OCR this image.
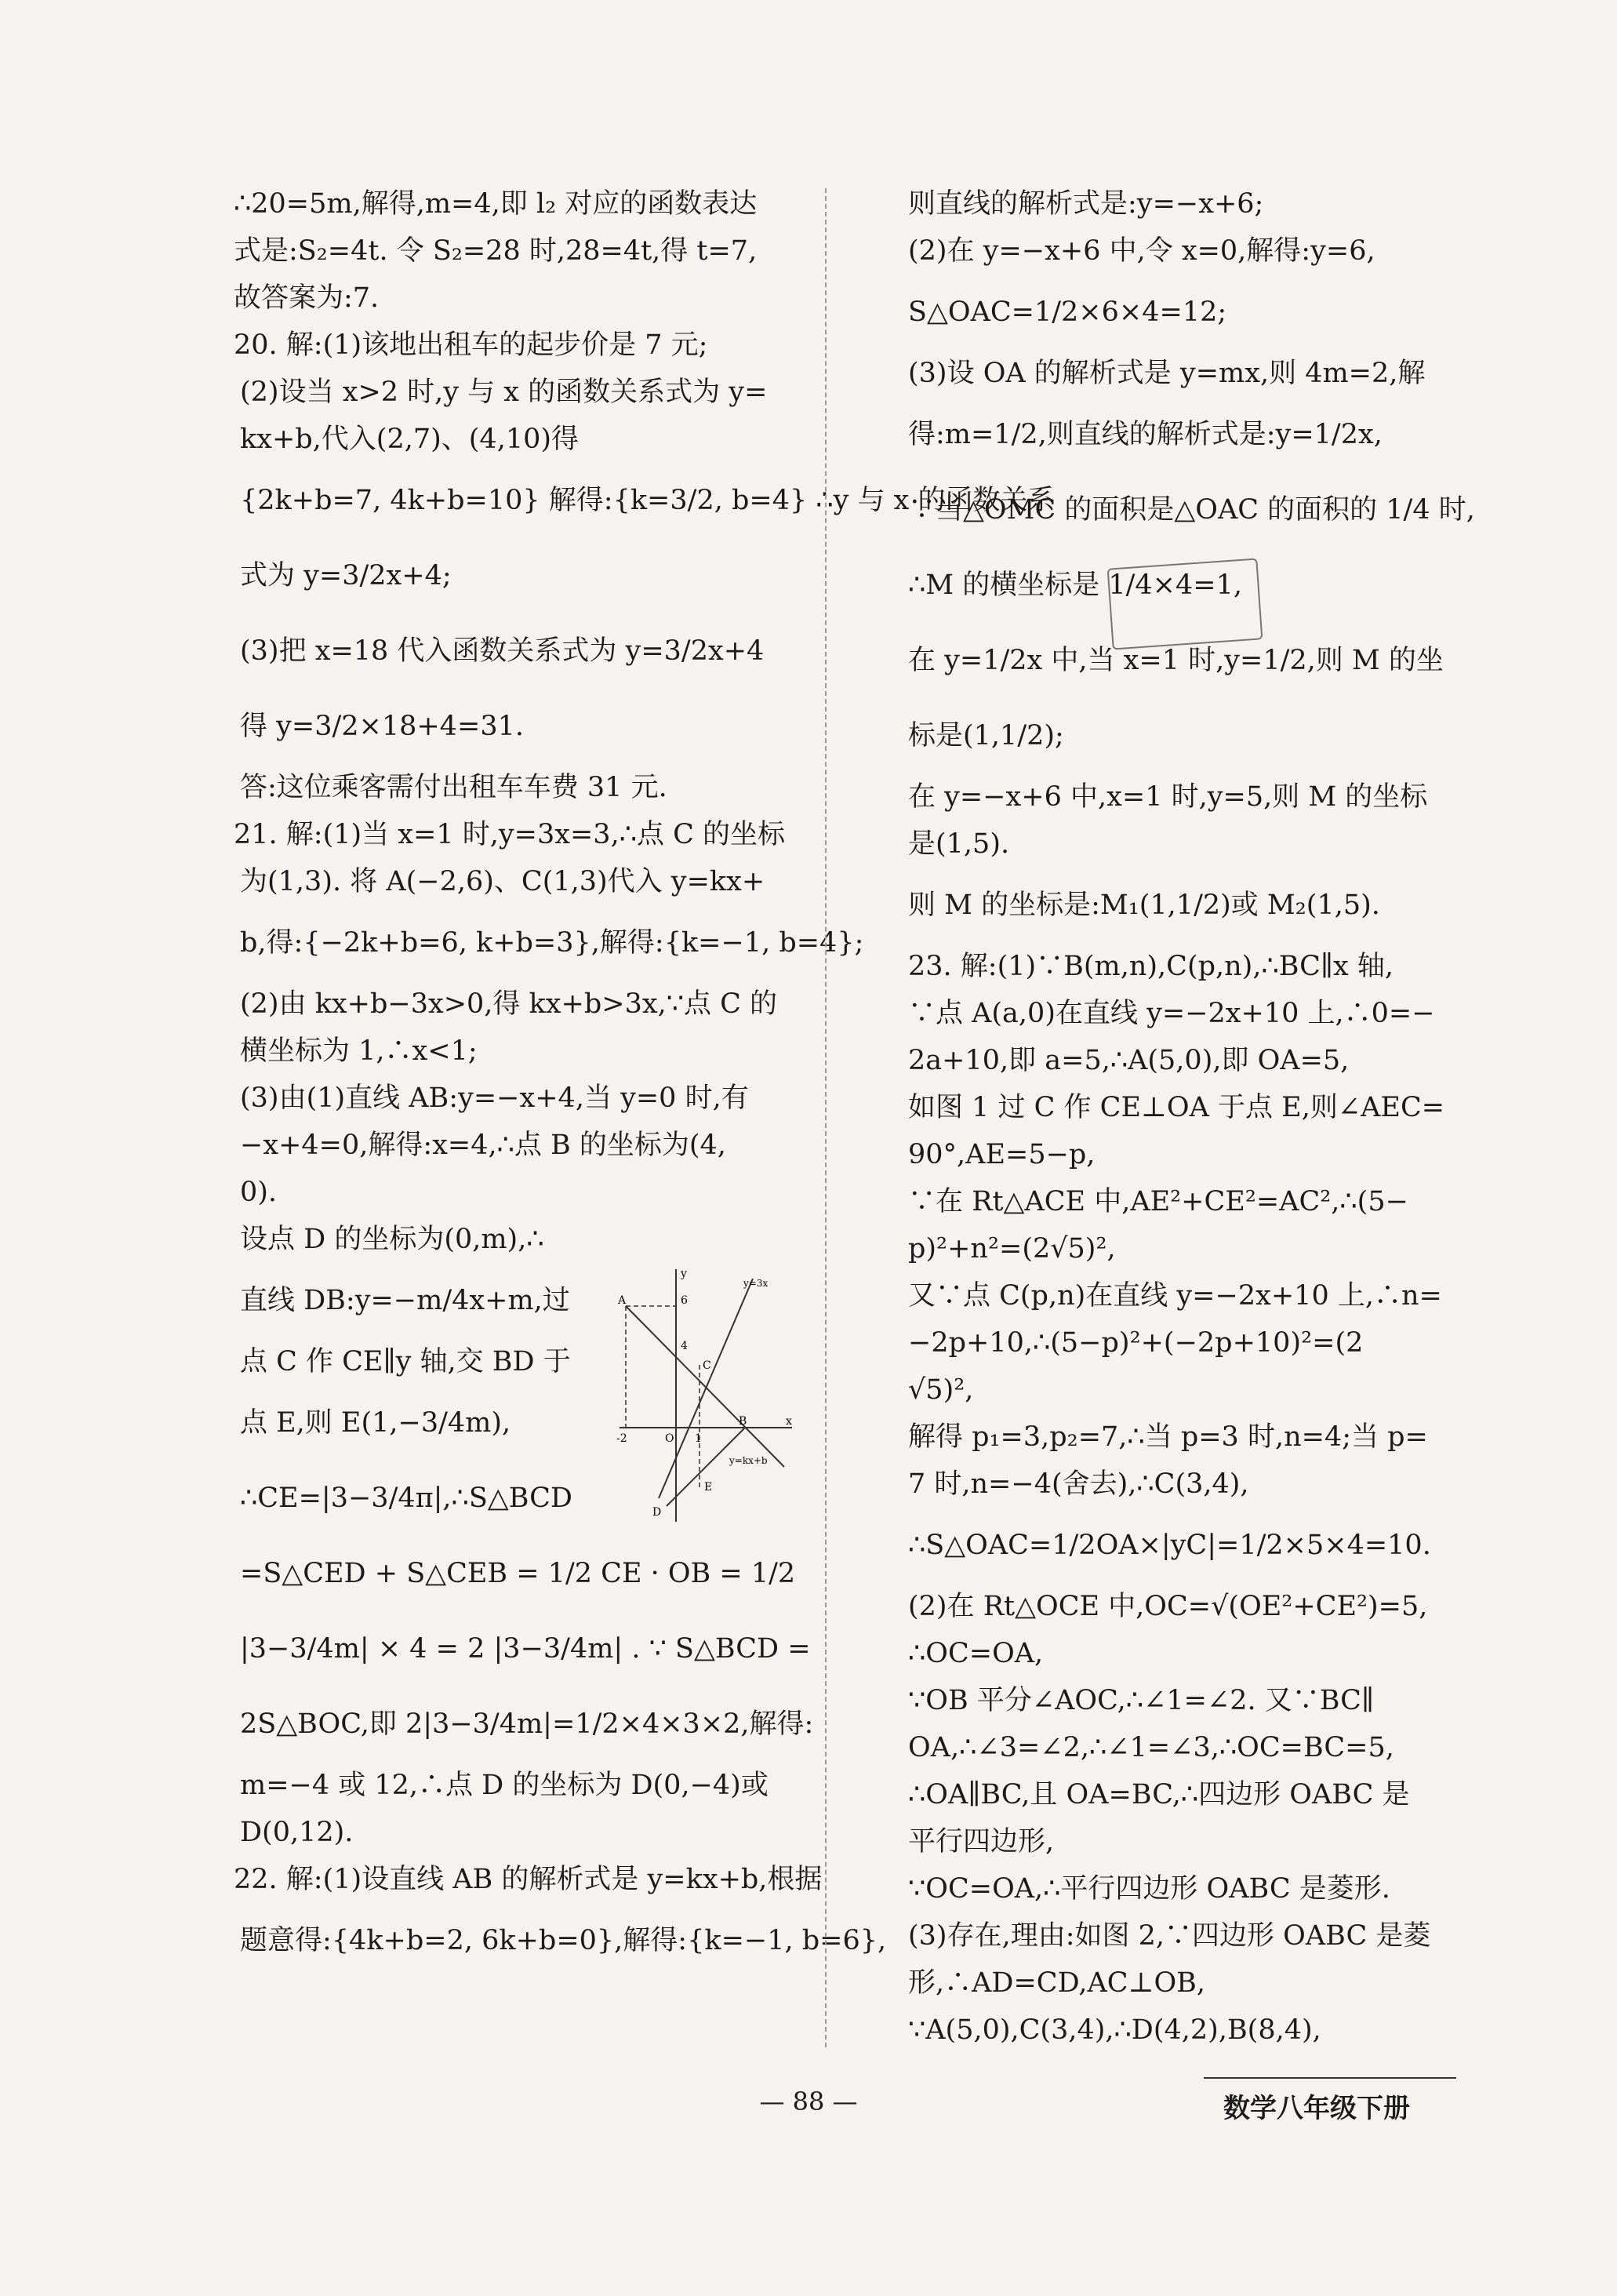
∴20=5m,解得,m=4,即 l₂ 对应的函数表达
式是:S₂=4t. 令 S₂=28 时,28=4t,得 t=7,
故答案为:7.
20. 解:(1)该地出租车的起步价是 7 元;
(2)设当 x>2 时,y 与 x 的函数关系式为 y=
kx+b,代入(2,7)、(4,10)得
{2k+b=7, 4k+b=10} 解得:{k=3/2, b=4} ∴y 与 x 的函数关系
式为 y=3/2x+4;
(3)把 x=18 代入函数关系式为 y=3/2x+4
得 y=3/2×18+4=31.
答:这位乘客需付出租车车费 31 元.
21. 解:(1)当 x=1 时,y=3x=3,∴点 C 的坐标
为(1,3). 将 A(−2,6)、C(1,3)代入 y=kx+
b,得:{−2k+b=6, k+b=3},解得:{k=−1, b=4};
(2)由 kx+b−3x>0,得 kx+b>3x,∵点 C 的
横坐标为 1,∴x<1;
(3)由(1)直线 AB:y=−x+4,当 y=0 时,有
−x+4=0,解得:x=4,∴点 B 的坐标为(4,
0).
设点 D 的坐标为(0,m),∴
直线 DB:y=−m/4x+m,过
点 C 作 CE∥y 轴,交 BD 于
点 E,则 E(1,−3/4m),
∴CE=|3−3/4π|,∴S△BCD
=S△CED + S△CEB = 1/2 CE · OB = 1/2
|3−3/4m| × 4 = 2 |3−3/4m| . ∵ S△BCD =
2S△BOC,即 2|3−3/4m|=1/2×4×3×2,解得:
m=−4 或 12,∴点 D 的坐标为 D(0,−4)或
D(0,12).
22. 解:(1)设直线 AB 的解析式是 y=kx+b,根据
题意得:{4k+b=2, 6k+b=0},解得:{k=−1, b=6},
y
y=3x
A	6
4
C
-2	O 1
B	x
y=kx+b
E
D
则直线的解析式是:y=−x+6;
(2)在 y=−x+6 中,令 x=0,解得:y=6,
S△OAC=1/2×6×4=12;
(3)设 OA 的解析式是 y=mx,则 4m=2,解
得:m=1/2,则直线的解析式是:y=1/2x,
∵当△OMC 的面积是△OAC 的面积的 1/4 时,
∴M 的横坐标是 1/4×4=1,
在 y=1/2x 中,当 x=1 时,y=1/2,则 M 的坐
标是(1,1/2);
在 y=−x+6 中,x=1 时,y=5,则 M 的坐标
是(1,5).
则 M 的坐标是:M₁(1,1/2)或 M₂(1,5).
23. 解:(1)∵B(m,n),C(p,n),∴BC∥x 轴,
∵点 A(a,0)在直线 y=−2x+10 上,∴0=−
2a+10,即 a=5,∴A(5,0),即 OA=5,
如图 1 过 C 作 CE⊥OA 于点 E,则∠AEC=
90°,AE=5−p,
∵在 Rt△ACE 中,AE²+CE²=AC²,∴(5−
p)²+n²=(2√5)²,
又∵点 C(p,n)在直线 y=−2x+10 上,∴n=
−2p+10,∴(5−p)²+(−2p+10)²=(2
√5)²,
解得 p₁=3,p₂=7,∴当 p=3 时,n=4;当 p=
7 时,n=−4(舍去),∴C(3,4),
∴S△OAC=1/2OA×|yC|=1/2×5×4=10.
(2)在 Rt△OCE 中,OC=√(OE²+CE²)=5,
∴OC=OA,
∵OB 平分∠AOC,∴∠1=∠2. 又∵BC∥
OA,∴∠3=∠2,∴∠1=∠3,∴OC=BC=5,
∴OA∥BC,且 OA=BC,∴四边形 OABC 是
平行四边形,
∵OC=OA,∴平行四边形 OABC 是菱形.
(3)存在,理由:如图 2,∵四边形 OABC 是菱
形,∴AD=CD,AC⊥OB,
∵A(5,0),C(3,4),∴D(4,2),B(8,4),
— 88 —	数学八年级下册
